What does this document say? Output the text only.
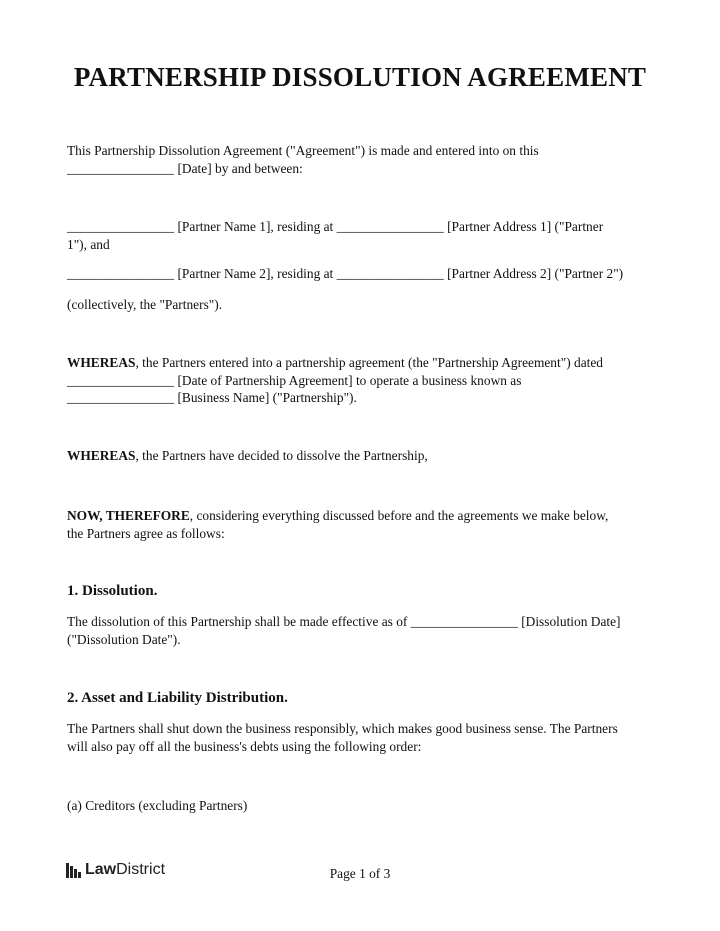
PARTNERSHIP DISSOLUTION AGREEMENT

This Partnership Dissolution Agreement ("Agreement") is made and entered into on this
________________ [Date] by and between:

________________ [Partner Name 1], residing at ________________ [Partner Address 1] ("Partner
1"), and

________________ [Partner Name 2], residing at ________________ [Partner Address 2] ("Partner 2")

(collectively, the "Partners").

WHEREAS, the Partners entered into a partnership agreement (the "Partnership Agreement") dated
________________ [Date of Partnership Agreement] to operate a business known as
________________ [Business Name] ("Partnership").

WHEREAS, the Partners have decided to dissolve the Partnership,

NOW, THEREFORE, considering everything discussed before and the agreements we make below,
the Partners agree as follows:

1. Dissolution.

The dissolution of this Partnership shall be made effective as of ________________ [Dissolution Date]
("Dissolution Date").

2. Asset and Liability Distribution.

The Partners shall shut down the business responsibly, which makes good business sense. The Partners
will also pay off all the business's debts using the following order:

(a) Creditors (excluding Partners)

Law District	Page 1 of 3
